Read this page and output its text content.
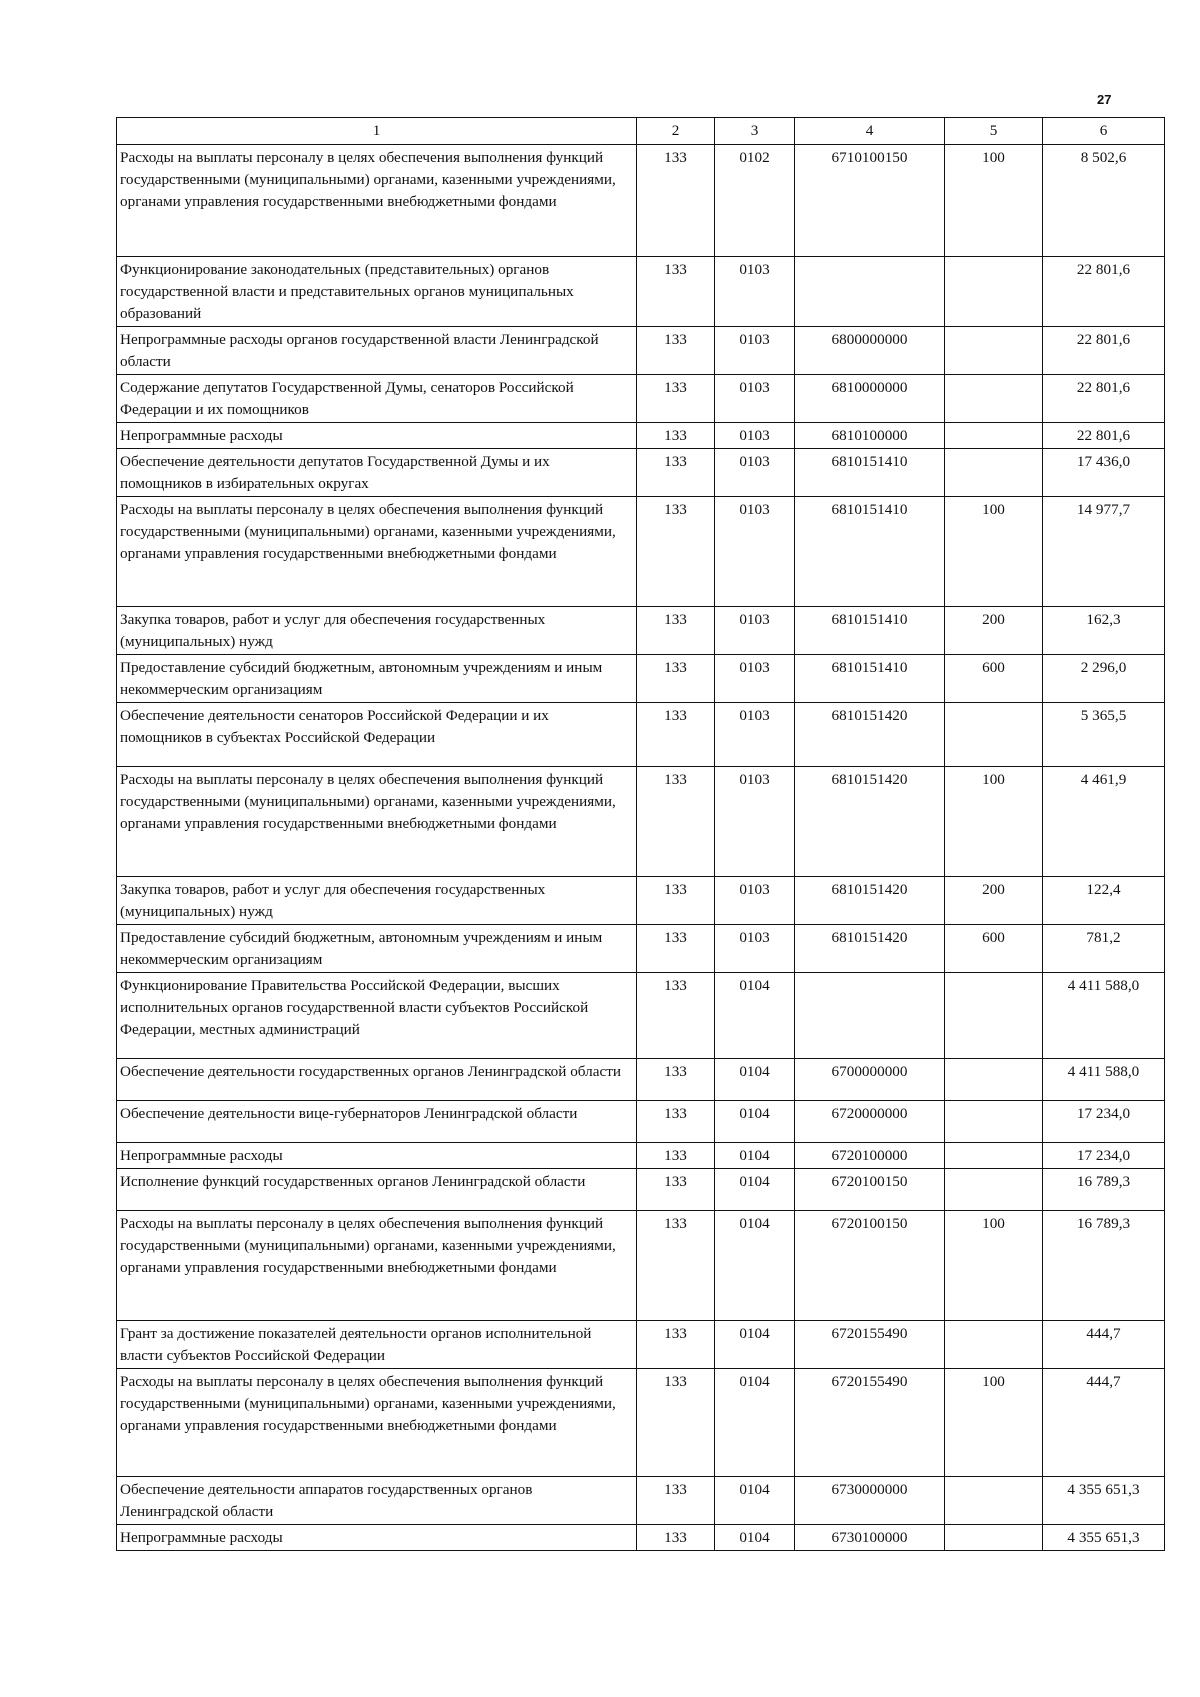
27
1	2	3	4	5	6
Расходы на выплаты персоналу в целях обеспечения выполнения функций государственными (муниципальными) органами, казенными учреждениями, органами управления государственными внебюджетными фондами	133	0102	6710100150	100	8 502,6
Функционирование законодательных (представительных) органов государственной власти и представительных органов муниципальных образований	133	0103			22 801,6
Непрограммные расходы органов государственной власти Ленинградской области	133	0103	6800000000		22 801,6
Содержание депутатов Государственной Думы, сенаторов Российской Федерации и их помощников	133	0103	6810000000		22 801,6
Непрограммные расходы	133	0103	6810100000		22 801,6
Обеспечение деятельности депутатов Государственной Думы и их помощников в избирательных округах	133	0103	6810151410		17 436,0
Расходы на выплаты персоналу в целях обеспечения выполнения функций государственными (муниципальными) органами, казенными учреждениями, органами управления государственными внебюджетными фондами	133	0103	6810151410	100	14 977,7
Закупка товаров, работ и услуг для обеспечения государственных (муниципальных) нужд	133	0103	6810151410	200	162,3
Предоставление субсидий бюджетным, автономным учреждениям и иным некоммерческим организациям	133	0103	6810151410	600	2 296,0
Обеспечение деятельности сенаторов Российской Федерации и их помощников в субъектах Российской Федерации	133	0103	6810151420		5 365,5
Расходы на выплаты персоналу в целях обеспечения выполнения функций государственными (муниципальными) органами, казенными учреждениями, органами управления государственными внебюджетными фондами	133	0103	6810151420	100	4 461,9
Закупка товаров, работ и услуг для обеспечения государственных (муниципальных) нужд	133	0103	6810151420	200	122,4
Предоставление субсидий бюджетным, автономным учреждениям и иным некоммерческим организациям	133	0103	6810151420	600	781,2
Функционирование Правительства Российской Федерации, высших исполнительных органов государственной власти субъектов Российской Федерации, местных администраций	133	0104			4 411 588,0
Обеспечение деятельности государственных органов Ленинградской области	133	0104	6700000000		4 411 588,0
Обеспечение деятельности вице-губернаторов Ленинградской области	133	0104	6720000000		17 234,0
Непрограммные расходы	133	0104	6720100000		17 234,0
Исполнение функций государственных органов Ленинградской области	133	0104	6720100150		16 789,3
Расходы на выплаты персоналу в целях обеспечения выполнения функций государственными (муниципальными) органами, казенными учреждениями, органами управления государственными внебюджетными фондами	133	0104	6720100150	100	16 789,3
Грант за достижение показателей деятельности органов исполнительной власти субъектов Российской Федерации	133	0104	6720155490		444,7
Расходы на выплаты персоналу в целях обеспечения выполнения функций государственными (муниципальными) органами, казенными учреждениями, органами управления государственными внебюджетными фондами	133	0104	6720155490	100	444,7
Обеспечение деятельности аппаратов государственных органов Ленинградской области	133	0104	6730000000		4 355 651,3
Непрограммные расходы	133	0104	6730100000		4 355 651,3
